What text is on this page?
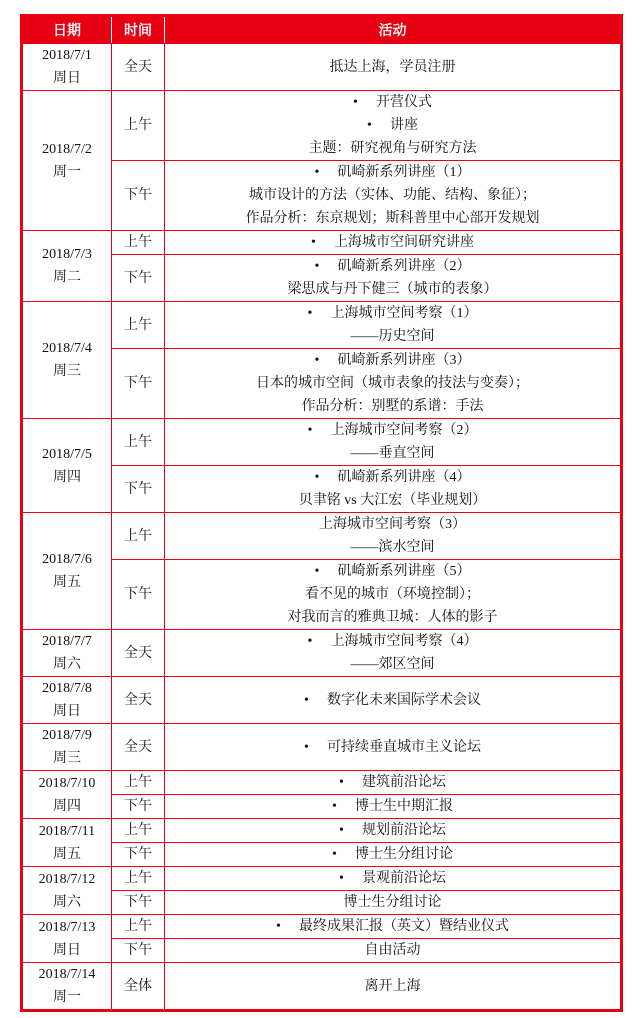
日期	时间	活动

2018/7/1
周日	全天	抵达上海，学员注册

2018/7/2
周一	上午	• 开营仪式
• 讲座
主题：研究视角与研究方法

	下午	• 矶崎新系列讲座（1）
城市设计的方法（实体、功能、结构、象征）；
作品分析：东京规划；斯科普里中心部开发规划

2018/7/3
周二	上午	• 上海城市空间研究讲座

	下午	• 矶崎新系列讲座（2）
梁思成与丹下健三（城市的表象）

2018/7/4
周三	上午	• 上海城市空间考察（1）
——历史空间

	下午	• 矶崎新系列讲座（3）
日本的城市空间（城市表象的技法与变奏）；
作品分析：别墅的系谱：手法

2018/7/5
周四	上午	• 上海城市空间考察（2）
——垂直空间

	下午	• 矶崎新系列讲座（4）
贝聿铭 vs 大江宏（毕业规划）

2018/7/6
周五	上午	上海城市空间考察（3）
——滨水空间

	下午	• 矶崎新系列讲座（5）
看不见的城市（环境控制）；
对我而言的雅典卫城：人体的影子

2018/7/7
周六	全天	• 上海城市空间考察（4）
——郊区空间

2018/7/8
周日	全天	• 数字化未来国际学术会议

2018/7/9
周三	全天	• 可持续垂直城市主义论坛

2018/7/10
周四	上午	• 建筑前沿论坛

	下午	• 博士生中期汇报

2018/7/11
周五	上午	• 规划前沿论坛

	下午	• 博士生分组讨论

2018/7/12
周六	上午	• 景观前沿论坛

	下午	博士生分组讨论

2018/7/13
周日	上午	• 最终成果汇报（英文）暨结业仪式

	下午	自由活动

2018/7/14
周一	全体	离开上海
